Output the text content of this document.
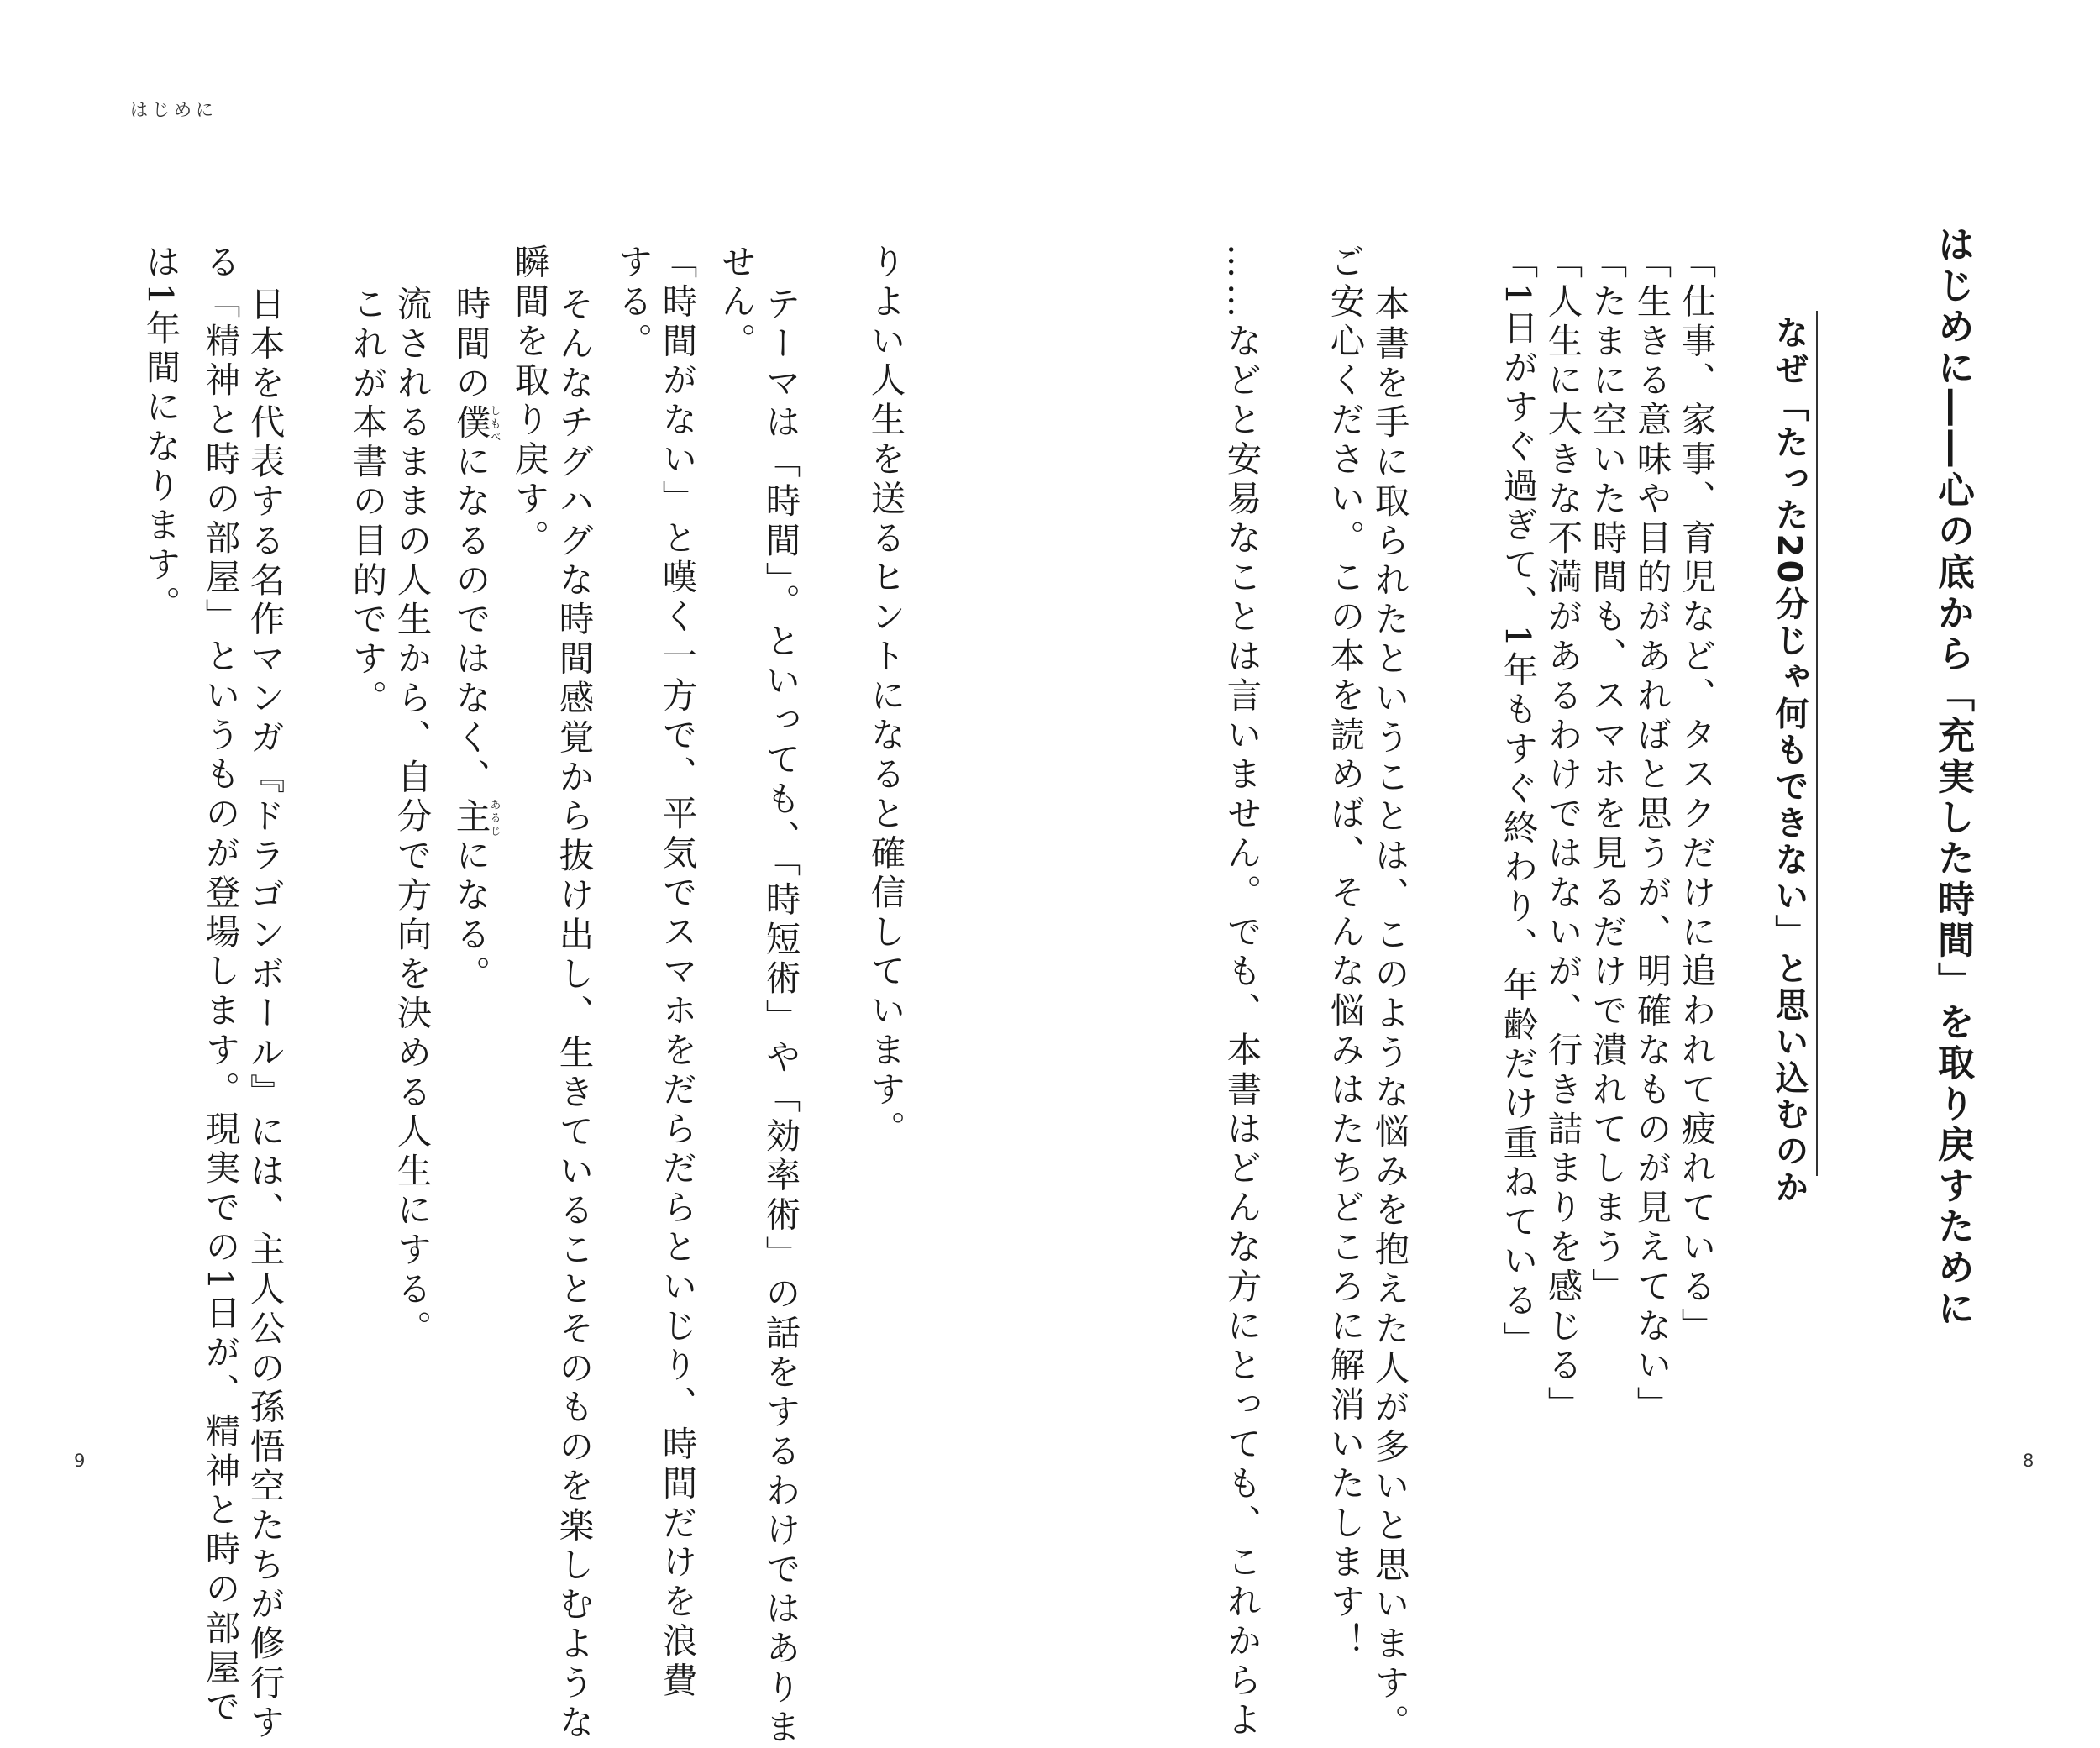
はじめに
8
9
はじめに――心の底から「充実した時間」を取り戻すために
なぜ「たった20分じゃ何もできない」と思い込むのか
「仕事、家事、育児など、タスクだけに追われて疲れている」
「生きる意味や目的があればと思うが、明確なものが見えてない」
「たまに空いた時間も、スマホを見るだけで潰れてしまう」
「人生に大きな不満があるわけではないが、行き詰まりを感じる」
「1日がすぐ過ぎて、1年もすぐ終わり、年齢だけ重ねている」
本書を手に取られたということは、このような悩みを抱えた人が多いと思います。
ご安心ください。この本を読めば、そんな悩みはたちどころに解消いたします！
……などと安易なことは言いません。でも、本書はどんな方にとっても、これからよ
りよい人生を送るヒントになると確信しています。
テーマは「時間」。といっても、「時短術」や「効率術」の話をするわけではありま
せん。
「時間がない」と嘆く一方で、平気でスマホをだらだらといじり、時間だけを浪費
する。
そんなチグハグな時間感覚から抜け出し、生きていることそのものを楽しむような
瞬間を取り戻す。
時間の僕しもべになるのではなく、主あるじになる。
流されるままの人生から、自分で方向を決める人生にする。
これが本書の目的です。
日本を代表する名作マンガ『ドラゴンボール』には、主人公の孫悟空たちが修行す
る「精神と時の部屋」というものが登場します。現実での1日が、精神と時の部屋で
は1年間になります。
